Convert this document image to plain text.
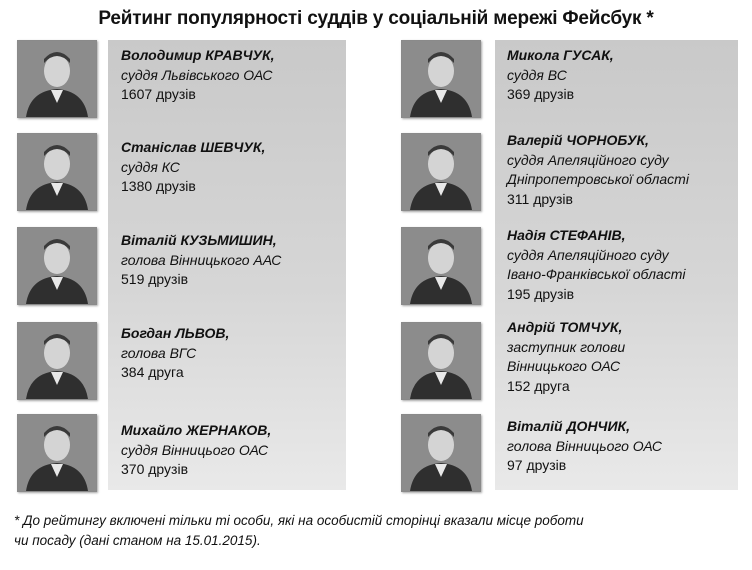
Рейтинг популярності суддів у соціальній мережі Фейсбук *
Володимир КРАВЧУК,
суддя Львівського ОАС
1607 друзів
Станіслав ШЕВЧУК,
суддя КС
1380 друзів
Віталій КУЗЬМИШИН,
голова Вінницького ААС
519 друзів
Богдан ЛЬВОВ,
голова ВГС
384 друга
Михайло ЖЕРНАКОВ,
суддя Вінницього ОАС
370 друзів
Микола ГУСАК,
суддя ВС
369 друзів
Валерій ЧОРНОБУК,
суддя Апеляційного суду
Дніпропетровської області
311 друзів
Надія СТЕФАНІВ,
суддя Апеляційного суду
Івано-Франківської області
195 друзів
Андрій ТОМЧУК,
заступник голови
Вінницького ОАС
152 друга
Віталій ДОНЧИК,
голова Вінницього ОАС
97 друзів
* До рейтингу включені тільки ті особи, які на особистій сторінці вказали місце роботи
чи посаду (дані станом на 15.01.2015).
